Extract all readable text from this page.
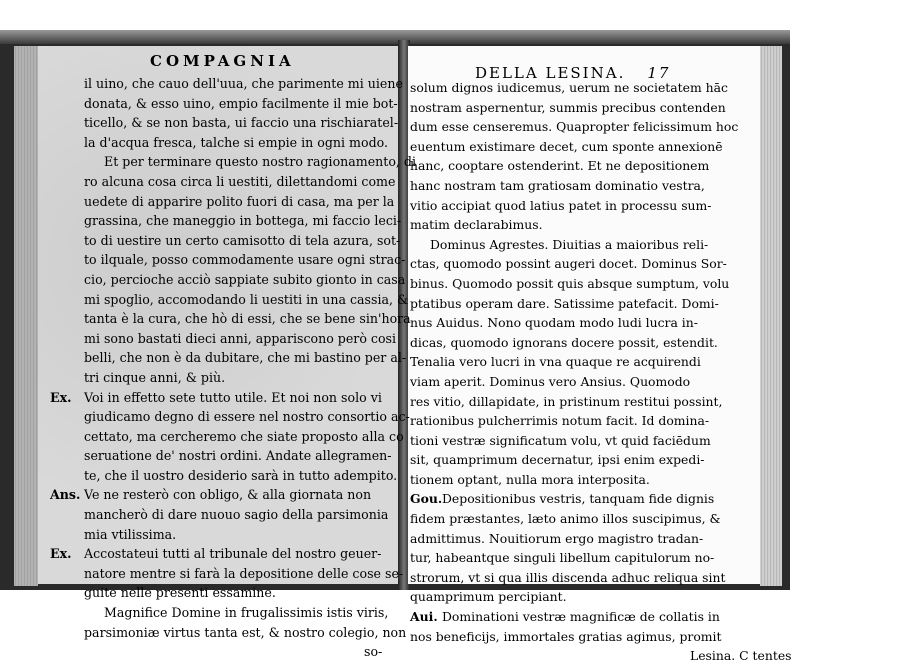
COMPAGNIA
DELLA LESINA. 17
il uino, che cauo dell'uua, che parimente mi uiene
donata, & esso uino, empio facilmente il mie bot-
ticello, & se non basta, ui faccio una rischiaratel-
la d'acqua fresca, talche si empie in ogni modo.
Et per terminare questo nostro ragionamento, di
ro alcuna cosa circa li uestiti, dilettandomi come
uedete di apparire polito fuori di casa, ma per la
grassina, che maneggio in bottega, mi faccio leci-
to di uestire un certo camisotto di tela azura, sot-
to ilquale, posso commodamente usare ogni strac-
cio, percioche acciò sappiate subito gionto in casa
mi spoglio, accomodando li uestiti in una cassia, &
tanta è la cura, che hò di essi, che se bene sin'hora
mi sono bastati dieci anni, appariscono però cosi
belli, che non è da dubitare, che mi bastino per al-
tri cinque anni, & più.
Ex. Voi in effetto sete tutto utile. Et noi non solo vi
giudicamo degno di essere nel nostro consortio ac-
cettato, ma cercheremo che siate proposto alla co
seruatione de' nostri ordini. Andate allegramen-
te, che il uostro desiderio sarà in tutto adempito.
Ans. Ve ne resterò con obligo, & alla giornata non
mancherò di dare nuouo sagio della parsimonia
mia vtilissima.
Ex. Accostateui tutti al tribunale del nostro geuer-
natore mentre si farà la depositione delle cose se-
guite nelle presenti essamine.
Magnifice Domine in frugalissimis istis viris,
parsimoniæ virtus tanta est, & nostro colegio, non
so-
solum dignos iudicemus, uerum ne societatem hāc
nostram aspernentur, summis precibus contenden
dum esse censeremus. Quapropter felicissimum hoc
euentum existimare decet, cum sponte annexionē
hanc, cooptare ostenderint. Et ne depositionem
hanc nostram tam gratiosam dominatio vestra,
vitio accipiat quod latius patet in processu sum-
matim declarabimus.
Dominus Agrestes. Diuitias a maioribus reli-
ctas, quomodo possint augeri docet. Dominus Sor-
binus. Quomodo possit quis absque sumptum, volu
ptatibus operam dare. Satissime patefacit. Domi-
nus Auidus. Nono quodam modo ludi lucra in-
dicas, quomodo ignorans docere possit, estendit.
Tenalia vero lucri in vna quaque re acquirendi
viam aperit. Dominus vero Ansius. Quomodo
res vitio, dillapidate, in pristinum restitui possint,
rationibus pulcherrimis notum facit. Id domina-
tioni vestræ significatum volu, vt quid faciēdum
sit, quamprimum decernatur, ipsi enim expedi-
tionem optant, nulla mora interposita.
Gou.Depositionibus vestris, tanquam fide dignis
fidem præstantes, læto animo illos suscipimus, &
admittimus. Nouitiorum ergo magistro tradan-
tur, habeantque singuli libellum capitulorum no-
strorum, vt si qua illis discenda adhuc reliqua sint
quamprimum percipiant.
Aui. Dominationi vestræ magnificæ de collatis in
nos beneficijs, immortales gratias agimus, promit
Lesina. C tentes
